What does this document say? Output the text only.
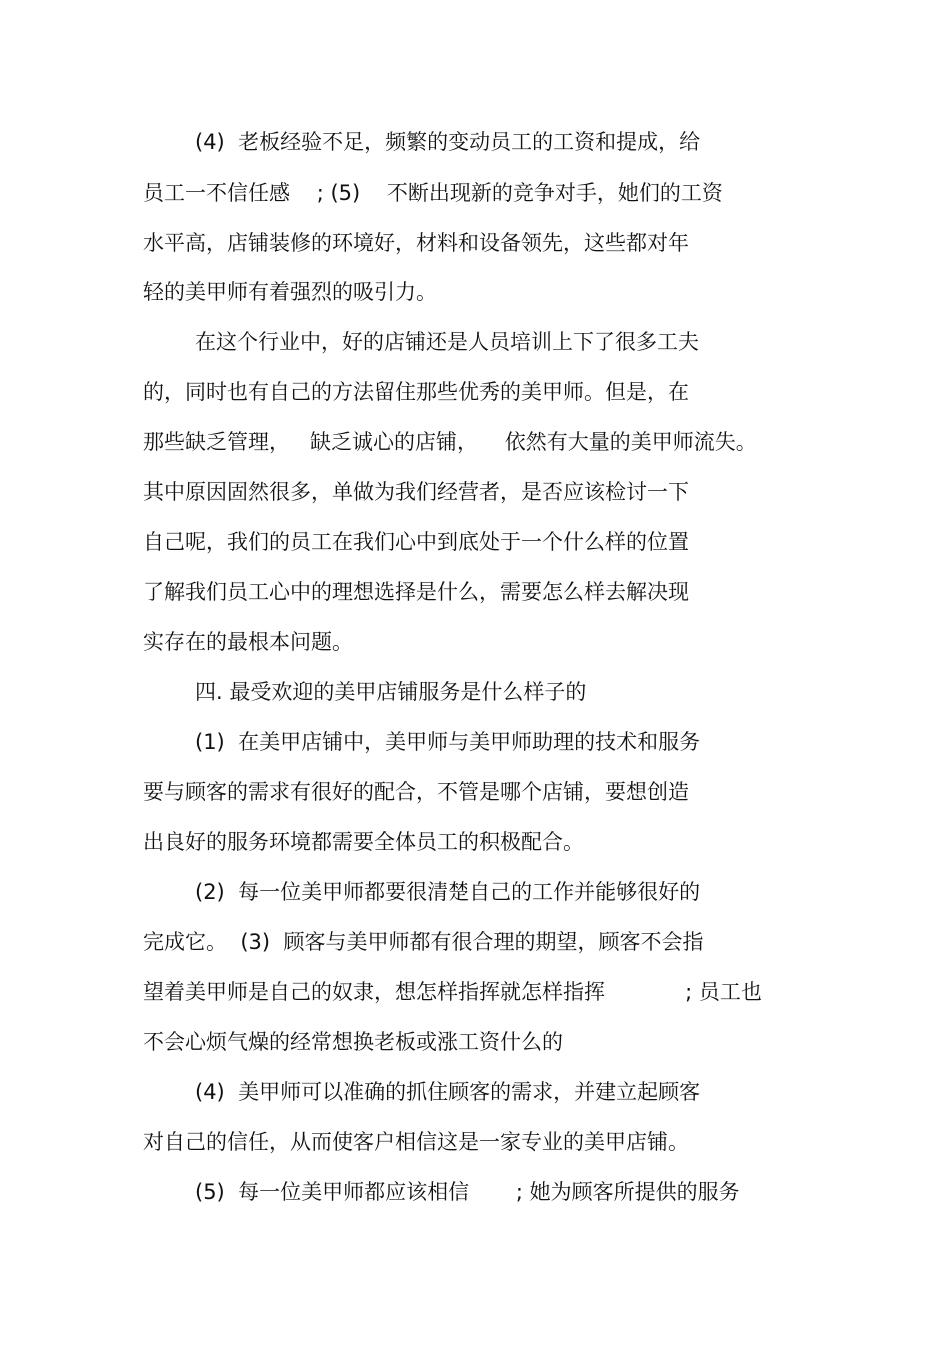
(4)  老板经验不足，频繁的变动员工的工资和提成，给
员工一不信任感    ; (5)    不断出现新的竞争对手，她们的工资
水平高，店铺装修的环境好，材料和设备领先，这些都对年
轻的美甲师有着强烈的吸引力。
在这个行业中，好的店铺还是人员培训上下了很多工夫
的，同时也有自己的方法留住那些优秀的美甲师。但是，在
那些缺乏管理，   缺乏诚心的店铺，    依然有大量的美甲师流失。
其中原因固然很多，单做为我们经营者，是否应该检讨一下
自己呢，我们的员工在我们心中到底处于一个什么样的位置
了解我们员工心中的理想选择是什么，需要怎么样去解决现
实存在的最根本问题。
四. 最受欢迎的美甲店铺服务是什么样子的
(1)  在美甲店铺中，美甲师与美甲师助理的技术和服务
要与顾客的需求有很好的配合，不管是哪个店铺，要想创造
出良好的服务环境都需要全体员工的积极配合。
(2)  每一位美甲师都要很清楚自己的工作并能够很好的
完成它。  (3)  顾客与美甲师都有很合理的期望，顾客不会指
望着美甲师是自己的奴隶，想怎样指挥就怎样指挥            ; 员工也
不会心烦气燥的经常想换老板或涨工资什么的
(4)  美甲师可以准确的抓住顾客的需求，并建立起顾客
对自己的信任，从而使客户相信这是一家专业的美甲店铺。
(5)  每一位美甲师都应该相信       ; 她为顾客所提供的服务
